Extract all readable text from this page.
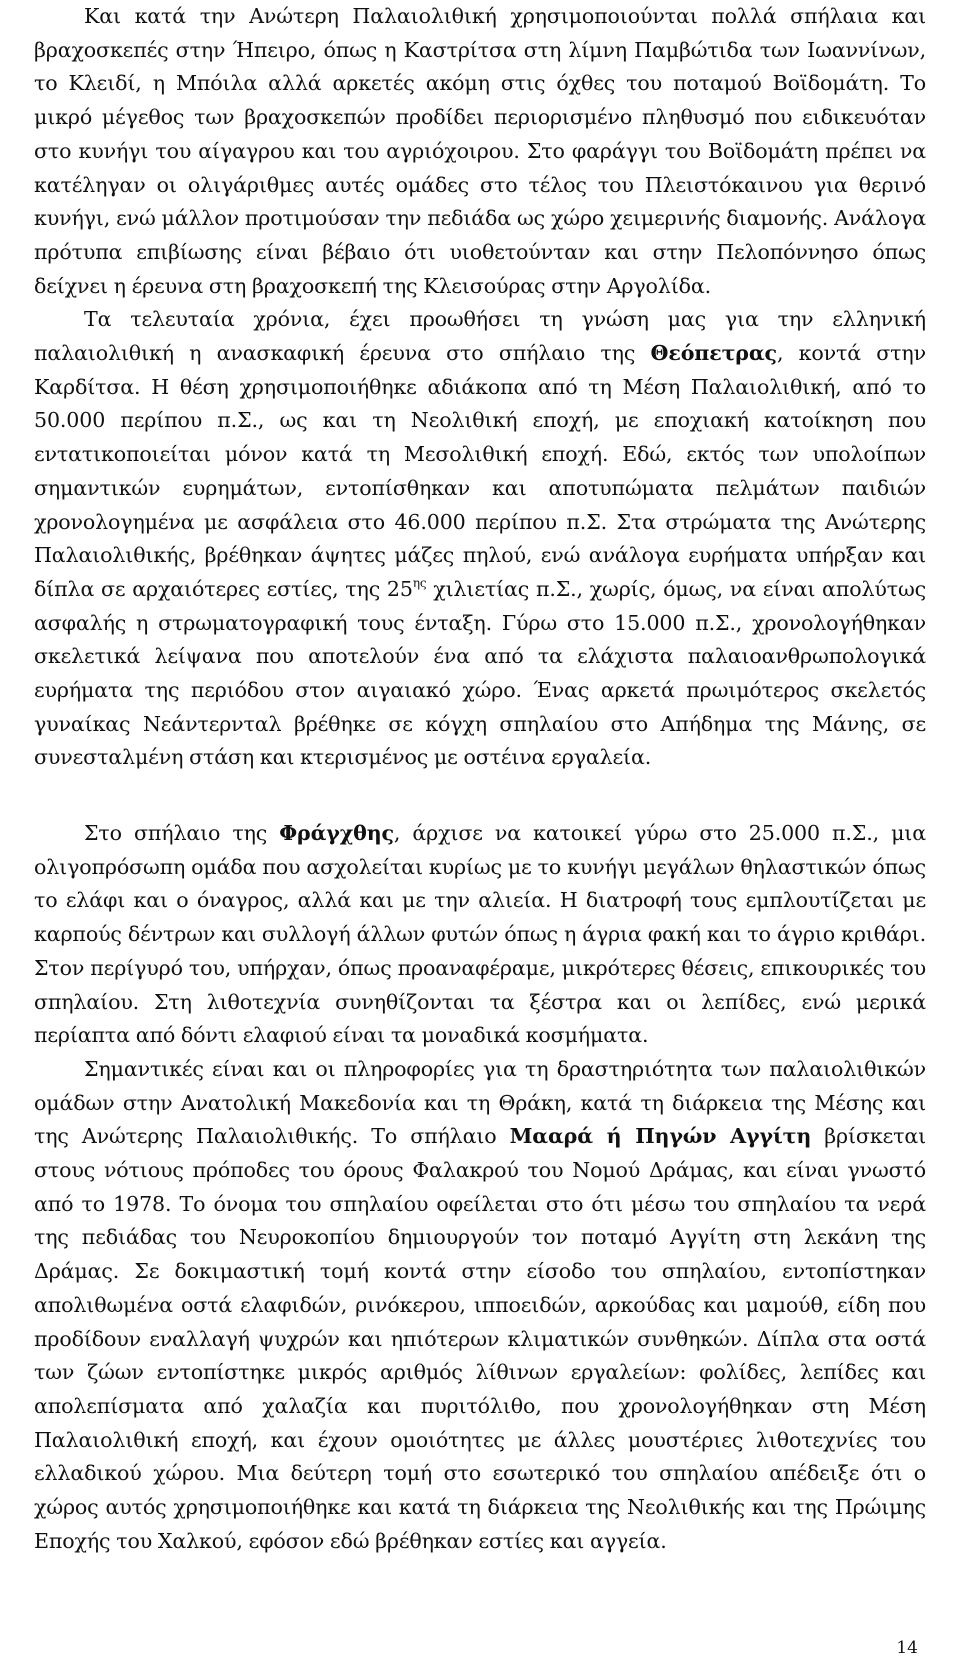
Και κατά την Ανώτερη Παλαιολιθική χρησιμοποιούνται πολλά σπήλαια και βραχοσκεπές στην Ήπειρο, όπως η Καστρίτσα στη λίμνη Παμβώτιδα των Ιωαννίνων, το Κλειδί, η Μπόιλα αλλά αρκετές ακόμη στις όχθες του ποταμού Βοϊδομάτη. Το μικρό μέγεθος των βραχοσκεπών προδίδει περιορισμένο πληθυσμό που ειδικευόταν στο κυνήγι του αίγαγρου και του αγριόχοιρου. Στο φαράγγι του Βοϊδομάτη πρέπει να κατέληγαν οι ολιγάριθμες αυτές ομάδες στο τέλος του Πλειστόκαινου για θερινό κυνήγι, ενώ μάλλον προτιμούσαν την πεδιάδα ως χώρο χειμερινής διαμονής. Ανάλογα πρότυπα επιβίωσης είναι βέβαιο ότι υιοθετούνταν και στην Πελοπόννησο όπως δείχνει η έρευνα στη βραχοσκεπή της Κλεισούρας στην Αργολίδα.

Τα τελευταία χρόνια, έχει προωθήσει τη γνώση μας για την ελληνική παλαιολιθική η ανασκαφική έρευνα στο σπήλαιο της Θεόπετρας, κοντά στην Καρδίτσα. Η θέση χρησιμοποιήθηκε αδιάκοπα από τη Μέση Παλαιολιθική, από το 50.000 περίπου π.Σ., ως και τη Νεολιθική εποχή, με εποχιακή κατοίκηση που εντατικοποιείται μόνον κατά τη Μεσολιθική εποχή. Εδώ, εκτός των υπολοίπων σημαντικών ευρημάτων, εντοπίσθηκαν και αποτυπώματα πελμάτων παιδιών χρονολογημένα με ασφάλεια στο 46.000 περίπου π.Σ. Στα στρώματα της Ανώτερης Παλαιολιθικής, βρέθηκαν άψητες μάζες πηλού, ενώ ανάλογα ευρήματα υπήρξαν και δίπλα σε αρχαιότερες εστίες, της $25^{\eta\varsigma}$ χιλιετίας π.Σ., χωρίς, όμως, να είναι απολύτως ασφαλής η στρωματογραφική τους ένταξη. Γύρω στο 15.000 π.Σ., χρονολογήθηκαν σκελετικά λείψανα που αποτελούν ένα από τα ελάχιστα παλαιοανθρωπολογικά ευρήματα της περιόδου στον αιγαιακό χώρο. Ένας αρκετά πρωιμότερος σκελετός γυναίκας Νεάντερνταλ βρέθηκε σε κόγχη σπηλαίου στο Απήδημα της Μάνης, σε συνεσταλμένη στάση και κτερισμένος με οστέινα εργαλεία.

Στο σπήλαιο της Φράγχθης, άρχισε να κατοικεί γύρω στο 25.000 π.Σ., μια ολιγοπρόσωπη ομάδα που ασχολείται κυρίως με το κυνήγι μεγάλων θηλαστικών όπως το ελάφι και ο όναγρος, αλλά και με την αλιεία. Η διατροφή τους εμπλουτίζεται με καρπούς δέντρων και συλλογή άλλων φυτών όπως η άγρια φακή και το άγριο κριθάρι. Στον περίγυρό του, υπήρχαν, όπως προαναφέραμε, μικρότερες θέσεις, επικουρικές του σπηλαίου. Στη λιθοτεχνία συνηθίζονται τα ξέστρα και οι λεπίδες, ενώ μερικά περίαπτα από δόντι ελαφιού είναι τα μοναδικά κοσμήματα.

Σημαντικές είναι και οι πληροφορίες για τη δραστηριότητα των παλαιολιθικών ομάδων στην Ανατολική Μακεδονία και τη Θράκη, κατά τη διάρκεια της Μέσης και της Ανώτερης Παλαιολιθικής. Το σπήλαιο Μααρά ή Πηγών Αγγίτη βρίσκεται στους νότιους πρόποδες του όρους Φαλακρού του Νομού Δράμας, και είναι γνωστό από το 1978. Το όνομα του σπηλαίου οφείλεται στο ότι μέσω του σπηλαίου τα νερά της πεδιάδας του Νευροκοπίου δημιουργούν τον ποταμό Αγγίτη στη λεκάνη της Δράμας. Σε δοκιμαστική τομή κοντά στην είσοδο του σπηλαίου, εντοπίστηκαν απολιθωμένα οστά ελαφιδών, ρινόκερου, ιπποειδών, αρκούδας και μαμούθ, είδη που προδίδουν εναλλαγή ψυχρών και ηπιότερων κλιματικών συνθηκών. Δίπλα στα οστά των ζώων εντοπίστηκε μικρός αριθμός λίθινων εργαλείων: φολίδες, λεπίδες και απολεπίσματα από χαλαζία και πυριτόλιθο, που χρονολογήθηκαν στη Μέση Παλαιολιθική εποχή, και έχουν ομοιότητες με άλλες μουστέριες λιθοτεχνίες του ελλαδικού χώρου. Μια δεύτερη τομή στο εσωτερικό του σπηλαίου απέδειξε ότι ο χώρος αυτός χρησιμοποιήθηκε και κατά τη διάρκεια της Νεολιθικής και της Πρώιμης Εποχής του Χαλκού, εφόσον εδώ βρέθηκαν εστίες και αγγεία.

14
